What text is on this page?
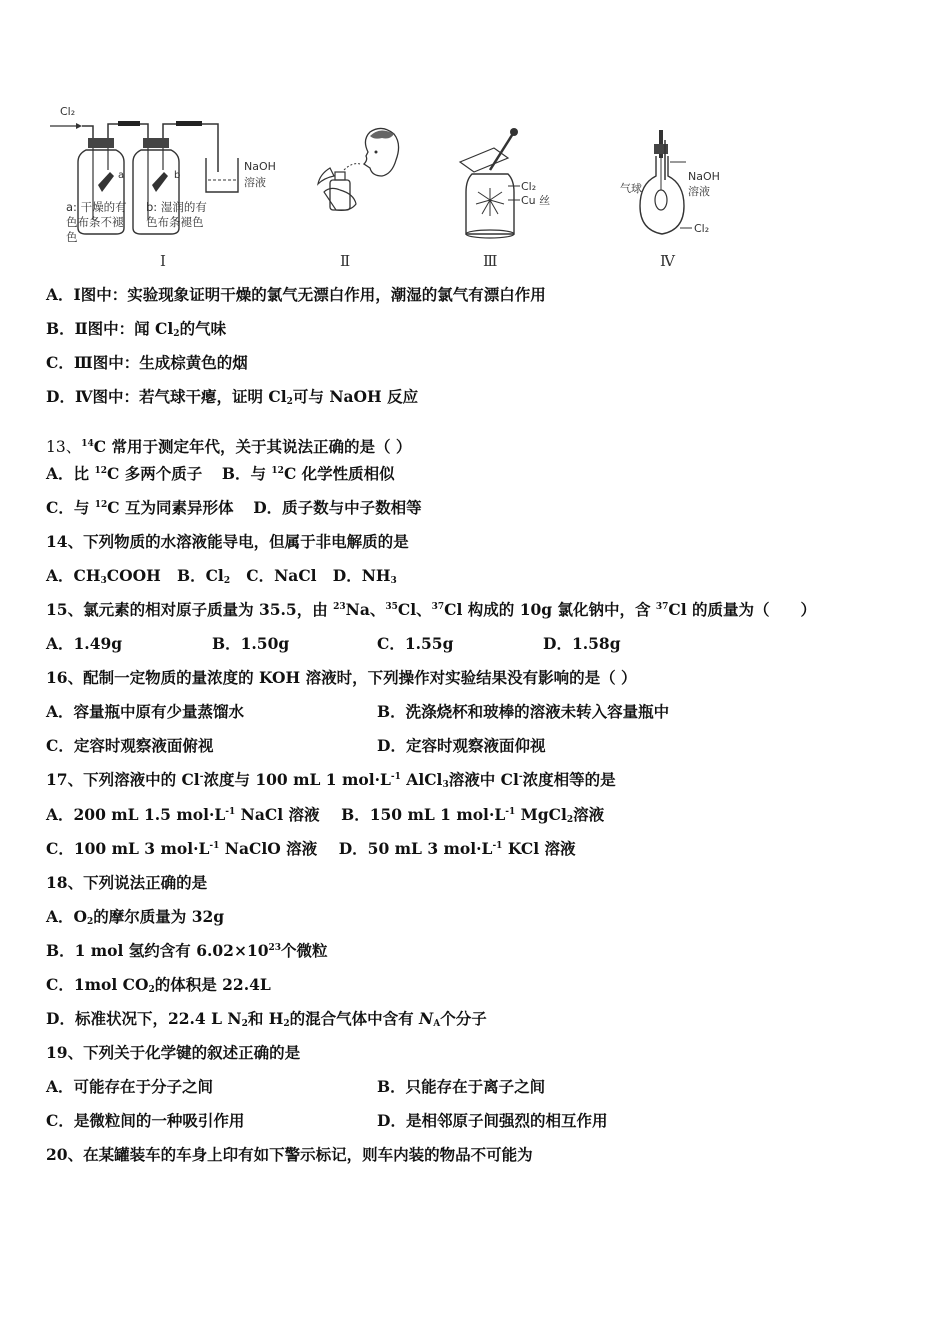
Cl₂
a	b
NaOH
溶液
a: 干燥的有
色布条不褪
色
b: 湿润的有
色布条褪色
Ⅰ	Ⅱ
Cl₂
Cu 丝
Ⅲ
气球
NaOH
溶液
Cl₂
Ⅳ
A．Ⅰ图中：实验现象证明干燥的氯气无漂白作用，潮湿的氯气有漂白作用
B．Ⅱ图中：闻 $Cl_2$的气味
C．Ⅲ图中：生成棕黄色的烟
D．Ⅳ图中：若气球干瘪，证明 $Cl_2$可与 NaOH 反应
13、$^{14}$C 常用于测定年代，关于其说法正确的是（ ）
A．比 $^{12}$C 多两个质子 B．与 $^{12}$C 化学性质相似
C．与 $^{12}$C 互为同素异形体 D．质子数与中子数相等
14、下列物质的水溶液能导电，但属于非电解质的是
A．$CH_3COOH$ B．$Cl_2$ C．NaCl D．$NH_3$
15、氯元素的相对原子质量为 35.5，由 $^{23}$Na、$^{35}$Cl、$^{37}$Cl 构成的 10g 氯化钠中，含 $^{37}$Cl 的质量为（　　）
A．1.49g	B．1.50g	C．1.55g	D．1.58g
16、配制一定物质的量浓度的 KOH 溶液时，下列操作对实验结果没有影响的是（ ）
A．容量瓶中原有少量蒸馏水	B．洗涤烧杯和玻棒的溶液未转入容量瓶中
C．定容时观察液面俯视	D．定容时观察液面仰视
17、下列溶液中的 Cl-浓度与 100 mL 1 $mol\cdot L^{-1}$ AlCl$_3$溶液中 Cl-浓度相等的是
A．200 mL 1.5 $mol\cdot L^{-1}$ NaCl 溶液 B．150 mL 1 $mol\cdot L^{-1}$ MgCl$_2$溶液
C．100 mL 3 $mol\cdot L^{-1}$ NaClO 溶液 D．50 mL 3 $mol\cdot L^{-1}$ KCl 溶液
18、下列说法正确的是
A．$O_2$的摩尔质量为 32g
B．1 mol 氢约含有 $6.02\times 10^{23}$个微粒
C．1mol $CO_2$的体积是 22.4L
D．标准状况下，22.4 L $N_2$和 $H_2$的混合气体中含有 $N_A$个分子
19、下列关于化学键的叙述正确的是
A．可能存在于分子之间	B．只能存在于离子之间
C．是微粒间的一种吸引作用	D．是相邻原子间强烈的相互作用
20、在某罐装车的车身上印有如下警示标记，则车内装的物品不可能为
